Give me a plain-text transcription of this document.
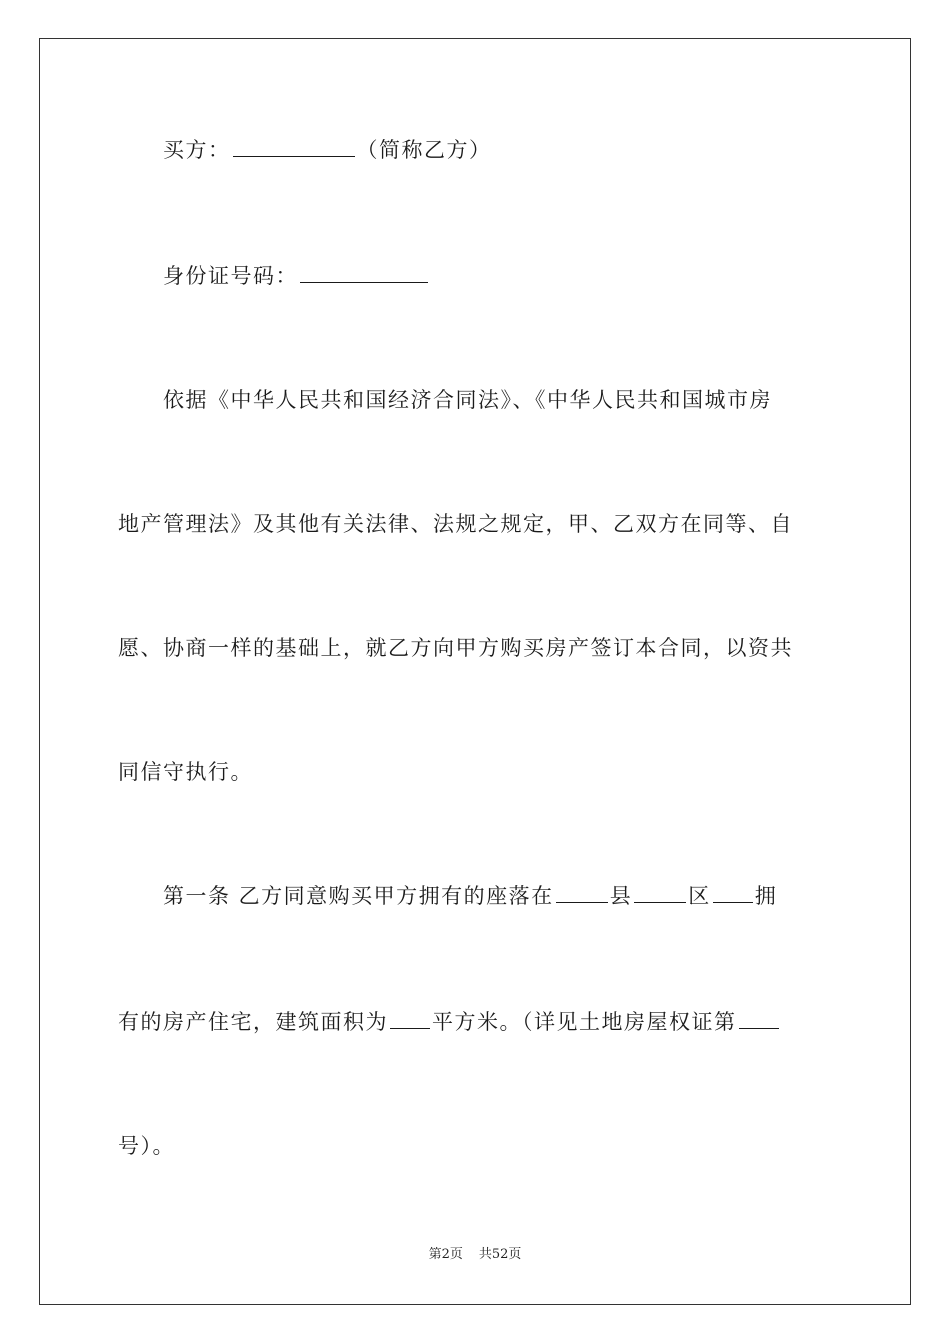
买方：	（简称乙方）
身份证号码：
依据《中华人民共和国经济合同法》、《中华人民共和国城市房
地产管理法》及其他有关法律、法规之规定，甲、乙双方在同等、自
愿、协商一样的基础上，就乙方向甲方购买房产签订本合同，以资共
同信守执行。
第一条 乙方同意购买甲方拥有的座落在	县	区 拥
有的房产住宅，建筑面积为 平方米。（详见土地房屋权证第
号）。
第2页 共52页
